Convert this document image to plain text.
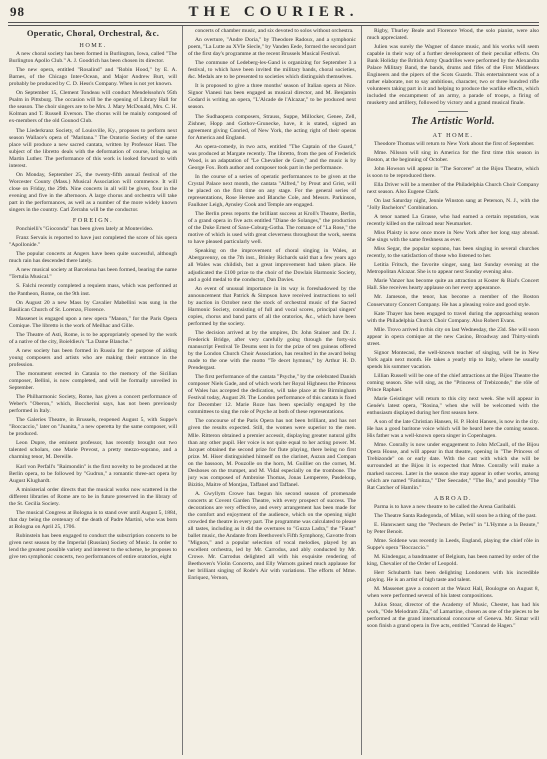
98	THE COURIER.
Operatic, Choral, Orchestral, &c.
HOME.

A new choral society has been formed in Burlington, Iowa, called "The Burlington Apollo Club." A. J. Goodrich has been chosen its director.

The new opera, entitled "Rosalind" and "Robin Hood," by E. A. Barnes, of the Chicago Inter-Ocean, and Major Andrew Burt, will probably be produced by C. D. Hess's Company. When is not yet known.

On September 15, Clement Tondeau will conduct Mendelssohn's 95th Psalm in Pittsburg. The occasion will be the opening of Library Hall for the season. The choir singers are to be Mrs. J. Mary McDonald, Mrs. C. H. Kolman and T. Russell Everson. The chorus will be mainly composed of ex-members of the old Gounod Club.

The Liederkranz Society, of Louisville, Ky., proposes to perform next season Wallace's opera of "Maritana." The Oratorio Society of the same place will produce a new sacred cantata, written by Professor Hast. The subject of the libretto deals with the deformation of course, bringing as Martin Luther. The performance of this work is looked forward to with interest.

On Monday, September 25, the twenty-fifth annual festival of the Worcester County (Mass.) Musical Association will commence. It will close on Friday, the 29th. Nine concerts in all will be given, four in the evening and five in the afternoon. A large chorus and orchestra will take part in the performances, as well as a number of the more widely known singers in the country. Carl Zerrahn will be the conductor.

FOREIGN.

Ponchielli's "Gioconda" has been given lately at Montevideo.

Franz Servais is reported to have just completed the score of his opera "Apollonide."

The popular concerts at Angers have been quite successful, although much rain has descended there lately.

A new musical society at Barcelona has been formed, bearing the name "Tertulia Musical."

S. Falchi recently completed a requiem mass, which was performed at the Pantheon, Rome, on the 9th inst.

On August 20 a new Mass by Cavalier Mabellini was sung in the Basilican Church of St. Lorenzo, Florence.

Massenet is engaged upon a new opera "Manon," for the Paris Opera Comique. The libretto is the work of Meilhac and Gille.

The Theatre of Asti, Rome, is to be appropriately opened by the work of a native of the city, Boieldieu's "La Dame Blanche."

A new society has been formed in Russia for the purpose of aiding young composers and artists who are making their entrance in the profession.

The monument erected in Catania to the memory of the Sicilian composer, Bellini, is now completed, and will be formally unveiled in September.

The Philharmonic Society, Rome, has given a concert performance of Weber's "Oberon," which, Boccherini says, has not been previously performed in Italy.

The Galeries Theatre, in Brussels, reopened August 5, with Suppe's "Boccaccio," later on "Juanita," a new operetta by the same composer, will be produced.

Leon Dupre, the eminent professor, has recently brought out two talented scholars, one Marie Prevost, a pretty mezzo-soprano, and a charming tenor, M. Dereille.

Karl von Perfall's "Raimondin" is the first novelty to be produced at the Berlin opera, to be followed by "Gudrun," a romantic three-act opera by August Klughardt.

A ministerial order directs that the musical works now scattered in the different libraries of Rome are to be in future preserved in the library of the St. Cecilia Society.

The musical Congress at Bologna is to stand over until August 5, 1884, that day being the centenary of the death of Padre Martini, who was born at Bologna on April 25, 1706.

Rubinstein has been engaged to conduct the subscription concerts to be given next season by the Imperial (Russian) Society of Music. In order to lend the greatest possible variety and interest to the scheme, he proposes to give ten symphonic concerts, two performances of entire oratorios, eight

concerts of chamber music, and six devoted to solos without orchestra.

An overture, "Andre Doria," by Theodore Radoux, and a symphonic poem, "La Lutte au XVIe Siecle," by Vanden Eede, formed the second part of the first day's programme at the recent Brussels Musical Festival.

The commune of Ledeberg-les-Gand is organizing for September 3 a festival, to which have been invited the military bands, choral societies, &c. Medals are to be presented to societies which distinguish themselves.

It is proposed to give a three months' season of Italian opera at Nice. Signor Vianesi has been engaged as musical director, and M. Benjamin Godard is writing an opera, "L'Alcade de l'Alcazar," to be produced next season.

The Sudhaopera composers, Strauss, Suppe, Millocker, Genee, Zell, Zishner, Hopp and Gothov-Grunecke, have, it is stated, signed an agreement giving Conried, of New York, the acting right of their operas for America and England.

An opera-comedy, in two acts, entitled "The Captain of the Guard," was produced at Margate recently. The libretto, from the pen of Frederick Wood, is an adaptation of "Le Chevalier de Gure," and the music is by George Fox. Both author and composer took part in the performance.

In the course of a series of operatic performances to be given at the Crystal Palace next month, the cantata "Alfred," by Prout and Grist, will be placed on the first time on any stage. For the general series of representations, Rose Hersee and Blanche Cole, and Messrs. Parkinson, Faulkner Leigh, Aynsley Cook and Temple are engaged.

The Berlin press reports the brilliant success at Kroll's Theatre, Berlin, of a grand opera in five acts entitled "Diane de Solanges," the production of the Duke Ernest of Saxe-Coburg-Gotha. The romance of "La Rose," the motive of which is used with great cleverness throughout the work, seems to have pleased particularly well.

Speaking on the improvement of choral singing in Wales, at Abergavenny, on the 7th inst., Brinley Richards said that a few years ago all Wales was childish, but a great improvement had taken place. He adjudicated the £100 prize to the choir of the Dowlais Harmonic Society, and a gold medal to the conductor, Dan Davies.

An event of unusual importance in its way is foreshadowed by the announcement that Patrick & Simpson have received instructions to sell by auction in October next the stock of orchestral music of the Sacred Harmonic Society, consisting of full and vocal scores, principal singers' copies, chorus and band parts of all the oratorios, &c., which have been performed by the society.

The decision arrived at by the umpires, Dr. John Stainer and Dr. J. Frederick Bridge, after very carefully going through the forty-six manuscript Festival Te Deums sent in for the prize of ten guineas offered by the London Church Choir Association, has resulted in the award being made to the one with the motto "Te decet hymnus," by Arthur H. D. Prendergast.

The first performance of the cantata "Psyche," by the celebrated Danish composer Niels Gade, and of which work her Royal Highness the Princess of Wales has accepted the dedication, will take place at the Birmingham Festival today, August 28. The London performance of this cantata is fixed for December 12. Marie Roze has been specially engaged by the committees to sing the role of Psyche at both of these representations.

The concourse of the Paris Opera has not been brilliant, and has not given the results expected. Still, the women were superior to the men. Mlle. Ritteron obtained a premier accessit, displaying greater natural gifts than any other pupil. Her voice is not quite equal to her acting power. M. Jacquet obtained the second prize for flute playing, there being no first prize. M. Hiser distinguished himself on the clarinet, Auzun and Compan on the bassoon, M. Pouzolle on the horn, M. Guillier on the cornet, M. Deshoses on the trumpet, and M. Vidal especially on the trombone. The jury was composed of Ambroise Thomas, Jonas Lemperere, Pasdeloup, Bizitio, Maitre of Montjau, Taffanel and Taffanel.

A. Gwyllym Crowe has begun his second season of promenade concerts at Covent Garden Theatre, with every prospect of success. The decorations are very effective, and every arrangement has been made for the comfort and enjoyment of the audience, which on the opening night crowded the theatre in every part. The programme was calculated to please all tastes, including as it did the overtures to "Guzza Ladra," the "Faust" ballet music, the Andante from Beethoven's Fifth Symphony, Gavotte from "Mignon," and a popular selection of vocal melodies, played by an excellent orchestra, led by Mr. Carrodus, and ably conducted by Mr. Crowe. Mr. Carrodus delighted all with his exquisite rendering of Beethoven's Violin Concerto, and Elly Warnots gained much applause for her brilliant singing of Rode's Air with variations. The efforts of Mme. Enriquez, Vernon,

Rigby, Thurley Beale and Florence Wood, the solo pianist, were also much appreciated.

Julien was surely the Wagner of dance music, and his works will seem capable in their way of a further development of their peculiar effects. On Bank Holiday the British Army Quadrilles were performed by the Alexandra Palace Military Band, the bands, drums and fifes of the First Middlesex Engineers and the pipers of the Scots Guards. This entertainment was of a rather elaborate, not to say ambitious, character, two or three hundred rifle volunteers taking part in it and helping to produce the warlike effects, which included the encampment of an army, a parade of troops, a firing of musketry and artillery, followed by victory and a grand musical finale.

The Artistic World.
AT HOME.

Theodore Thomas will return to New York about the first of September.

Mme. Nilsson will sing in America for the first time this season in Boston, at the beginning of October.

John Howson will appear in "The Sorcerer" at the Bijou Theatre, which is soon to be reproduced there.

Ella Driver will be a member of the Philadelphia Church Choir Company next season. Also Eugene Clark.

On last Saturday night, Jennie Winston sang at Peterson, N. J., with the "Jolly Bachelors" Combination.

A tenor named La Grasse, who had earned a certain reputation, was recently killed on the railroad near Neumarket.

Miss Plaisty is now once more in New York after her long stay abroad. She sings with the same freshness as ever.

Miss Segar, the popular soprano, has been singing in several churches recently, to the satisfaction of those who listened to her.

Letitia Fritsch, the favorite singer, sang last Sunday evening at the Metropolitan Alcazar. She is to appear next Sunday evening also.

Marie Vanzer has become quite an attraction at Koster & Bial's Concert Hall. She receives hearty applause on her every appearance.

Mr. Jameson, the tenor, has become a member of the Boston Conservatory Concert Company. He has a pleasing voice and good style.

Kate Thayer has been engaged to travel during the approaching season with the Philadelphia Church Choir Company. Also Robert Evans.

Mlle. Trovo arrived in this city on last Wednesday, the 23d. She will soon appear in opera comique at the new Casino, Broadway and Thirty-ninth street.

Signor Montecasi, the well-known teacher of singing, will be in New York again next month. He takes a yearly trip to Italy, where he usually spends his summer vacation.

Lillian Russell will be one of the chief attractions at the Bijou Theatre the coming season. She will sing, as the "Princess of Trebizonde," the rôle of Prince Raphael.

Marie Geistinger will return to this city next week. She will appear in Genée's latest opera, "Rosina," when she will be welcomed with the enthusiasm displayed during her first season here.

A son of the late Christian Hansen, H. P. Holst Hansen, is now in the city. He has a good baritone voice which will be heard here the coming season. His father was a well-known opera singer in Copenhagen.

Mme. Conrally is now under engagement to John McCaull, of the Bijou Opera House, and will appear in that theatre, opening in "The Princess of Trebizonde" on or early date. With the cast with which she will be surrounded at the Bijou it is expected that Mme. Conrally will make a marked success. Later in the season she may appear in other works, among which are named "Fatinitza," "Der Seecadet," "The Bo," and possibly "The Rat Catcher of Hamlin."

ABROAD.

Parma is to have a new theatre to be called the Arena Garibaldi.

The Theatre Santa Radegonda, of Milan, will soon be a thing of the past.

E. Hanswaert sang the "Pecheurs de Perles" in "L'Hymne a la Beaute," by Peter Benoit.

Mme. Soldene was recently in Leeds, England, playing the chief rôle in Suppe's opera "Boccaccio."

M. Kindengar, a bandmaster of Belgium, has been named by order of the king, Chevalier of the Order of Leopold.

Herr Schubarth has been delighting Londoners with his incredible playing. He is an artist of high taste and talent.

M. Massenet gave a concert at the Wauxt Hall, Boulogne on August 8, when were performed several of his latest compositions.

Julius Stoar, director of the Academy of Music, Chester, has had his work, "Ode Melodram Zila," of Lamartine, chosen as one of the pieces to be performed at the grand international concourse of Geneva. Mr. Simar will soon finish a grand opera in five acts, entitled "Conrad de Hagen."
